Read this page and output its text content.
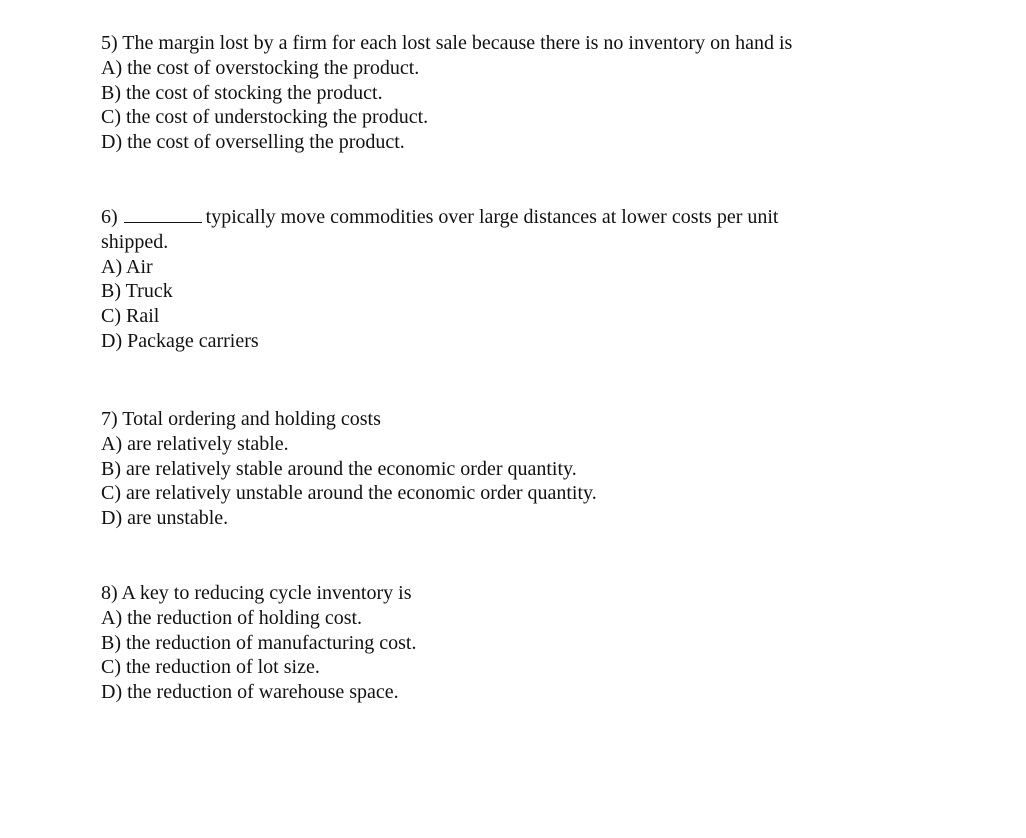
5) The margin lost by a firm for each lost sale because there is no inventory on hand is
A) the cost of overstocking the product.
B) the cost of stocking the product.
C) the cost of understocking the product.
D) the cost of overselling the product.
6)	typically move commodities over large distances at lower costs per unit
shipped.
A) Air
B) Truck
C) Rail
D) Package carriers
7) Total ordering and holding costs
A) are relatively stable.
B) are relatively stable around the economic order quantity.
C) are relatively unstable around the economic order quantity.
D) are unstable.
8) A key to reducing cycle inventory is
A) the reduction of holding cost.
B) the reduction of manufacturing cost.
C) the reduction of lot size.
D) the reduction of warehouse space.
